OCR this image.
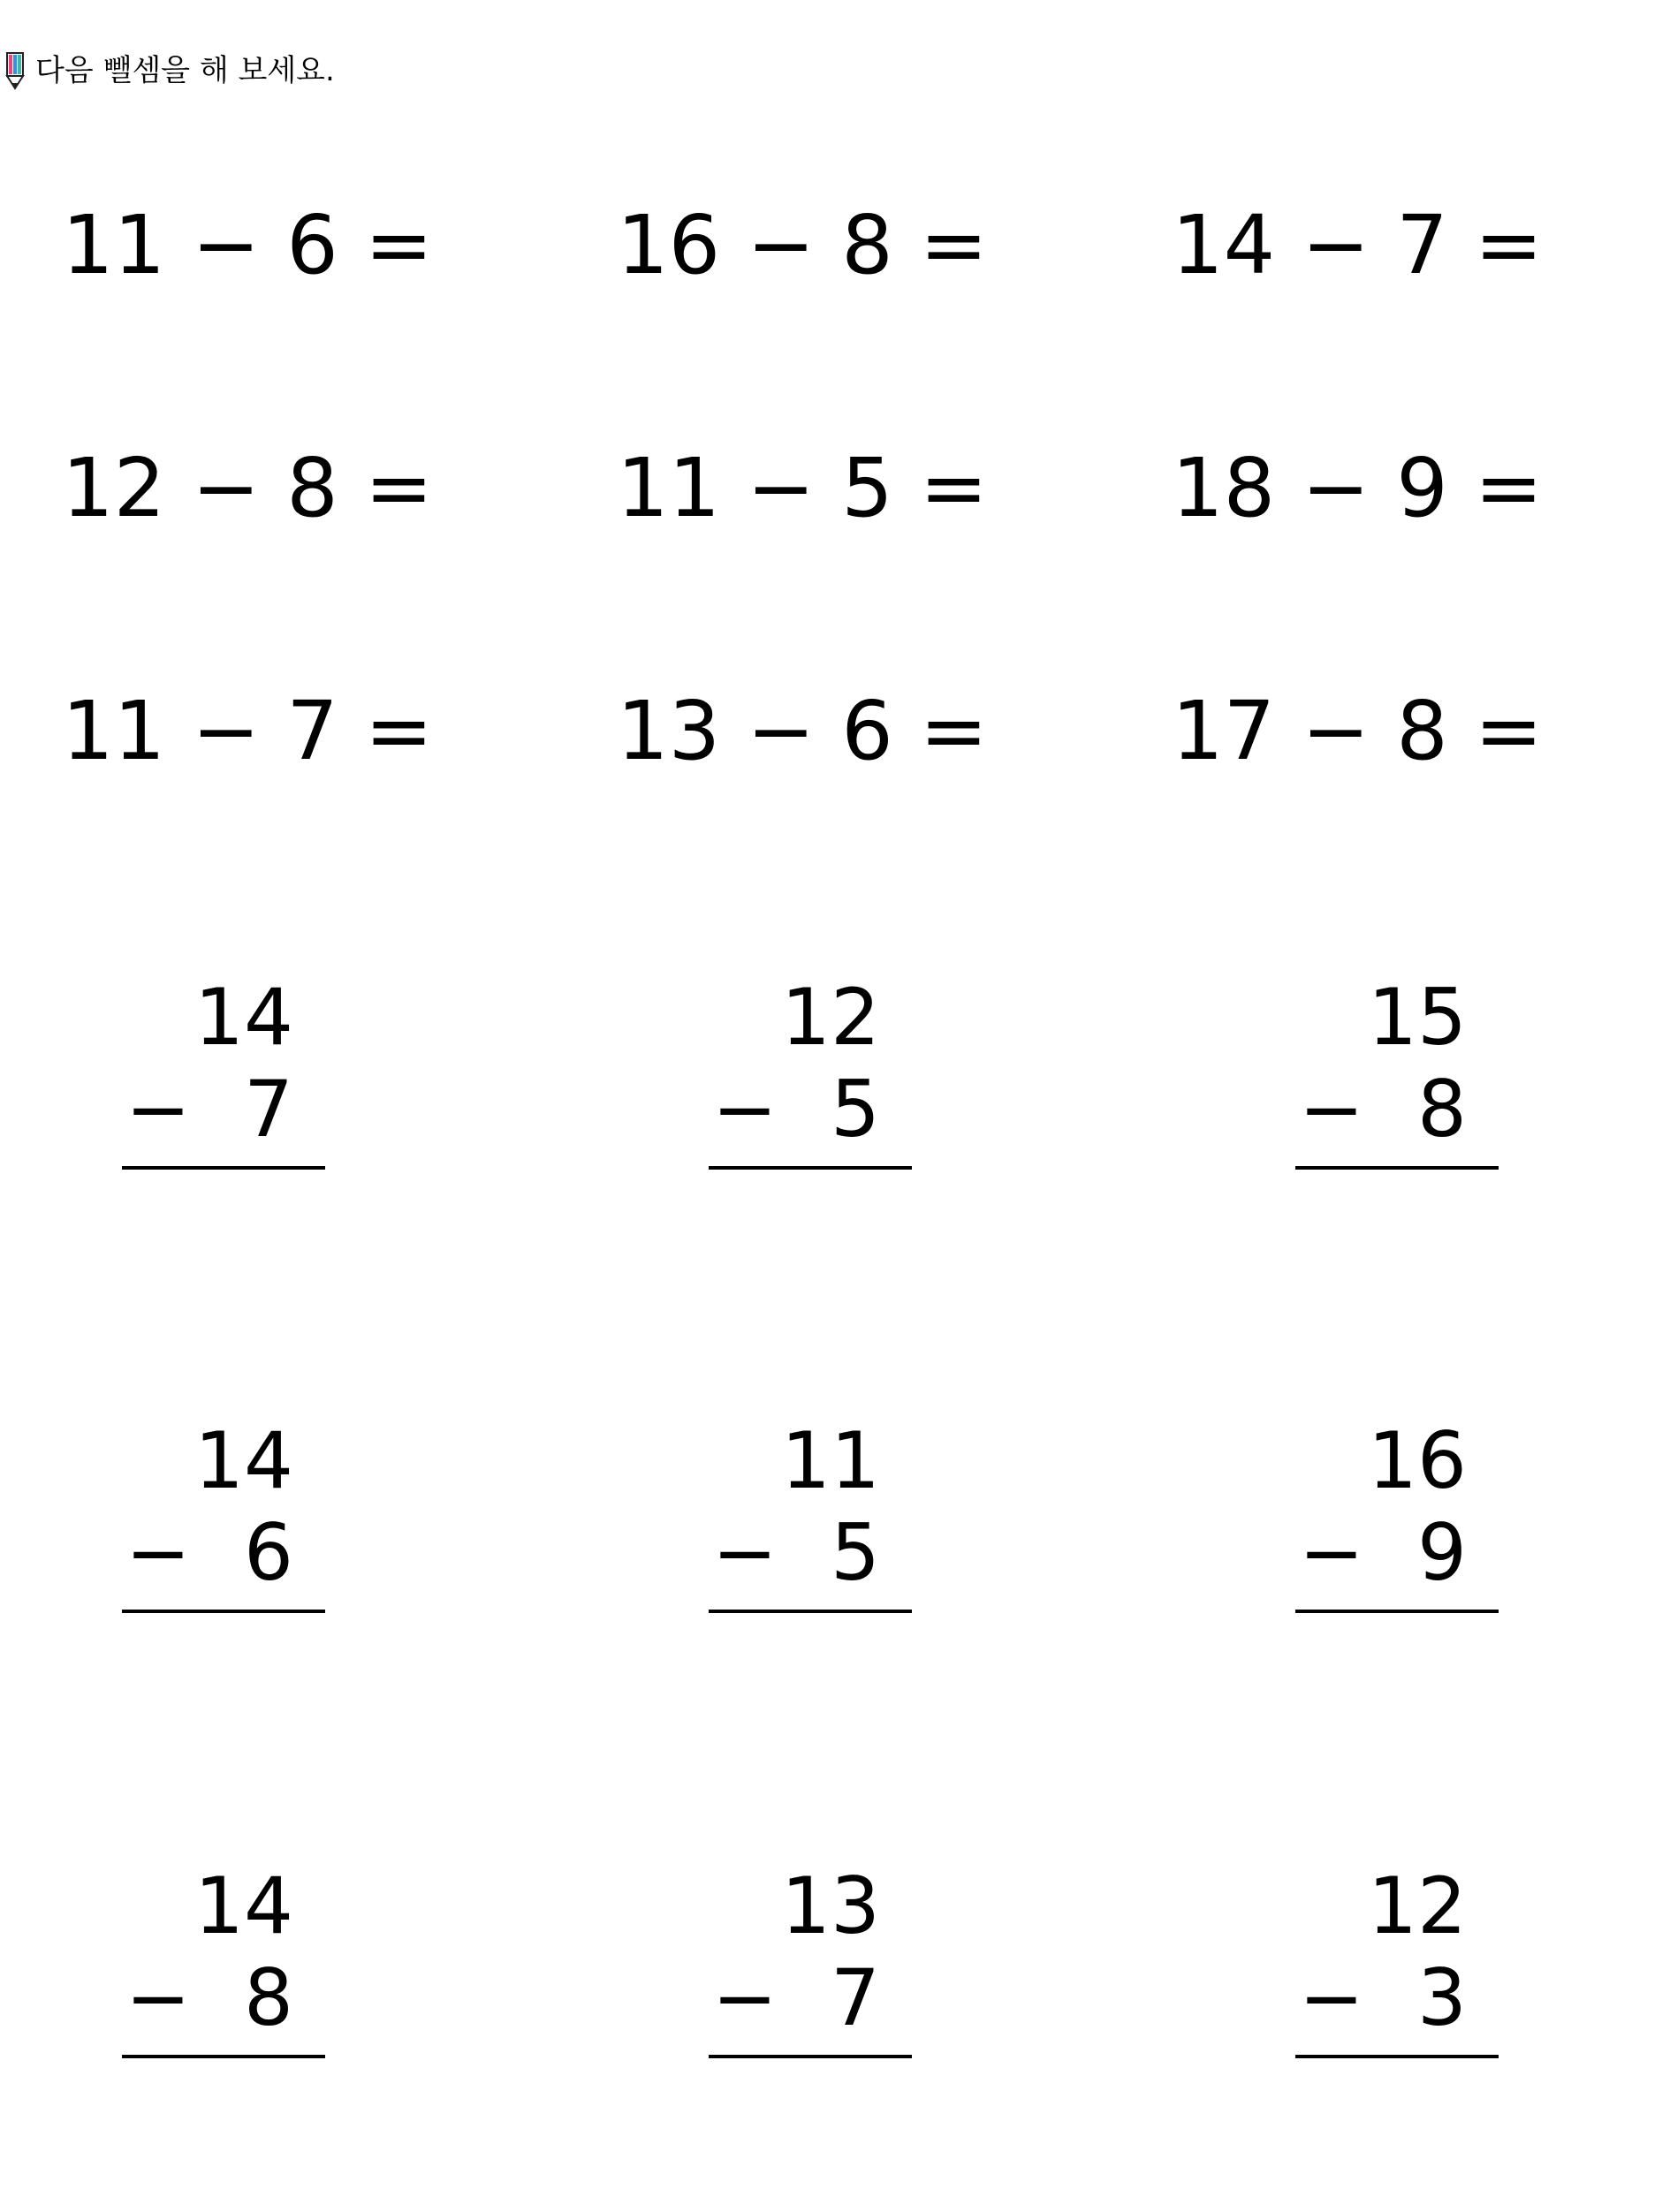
다음 뺄셈을 해 보세요.
11 − 6 = 16 − 8 = 14 − 7 =
12 − 8 = 11 − 5 = 18 − 9 =
11 − 7 = 13 − 6 = 17 − 8 =
14
− 7
12
− 5
15
− 8
14
− 6
11
− 5
16
− 9
14
− 8
13
− 7
12
− 3
